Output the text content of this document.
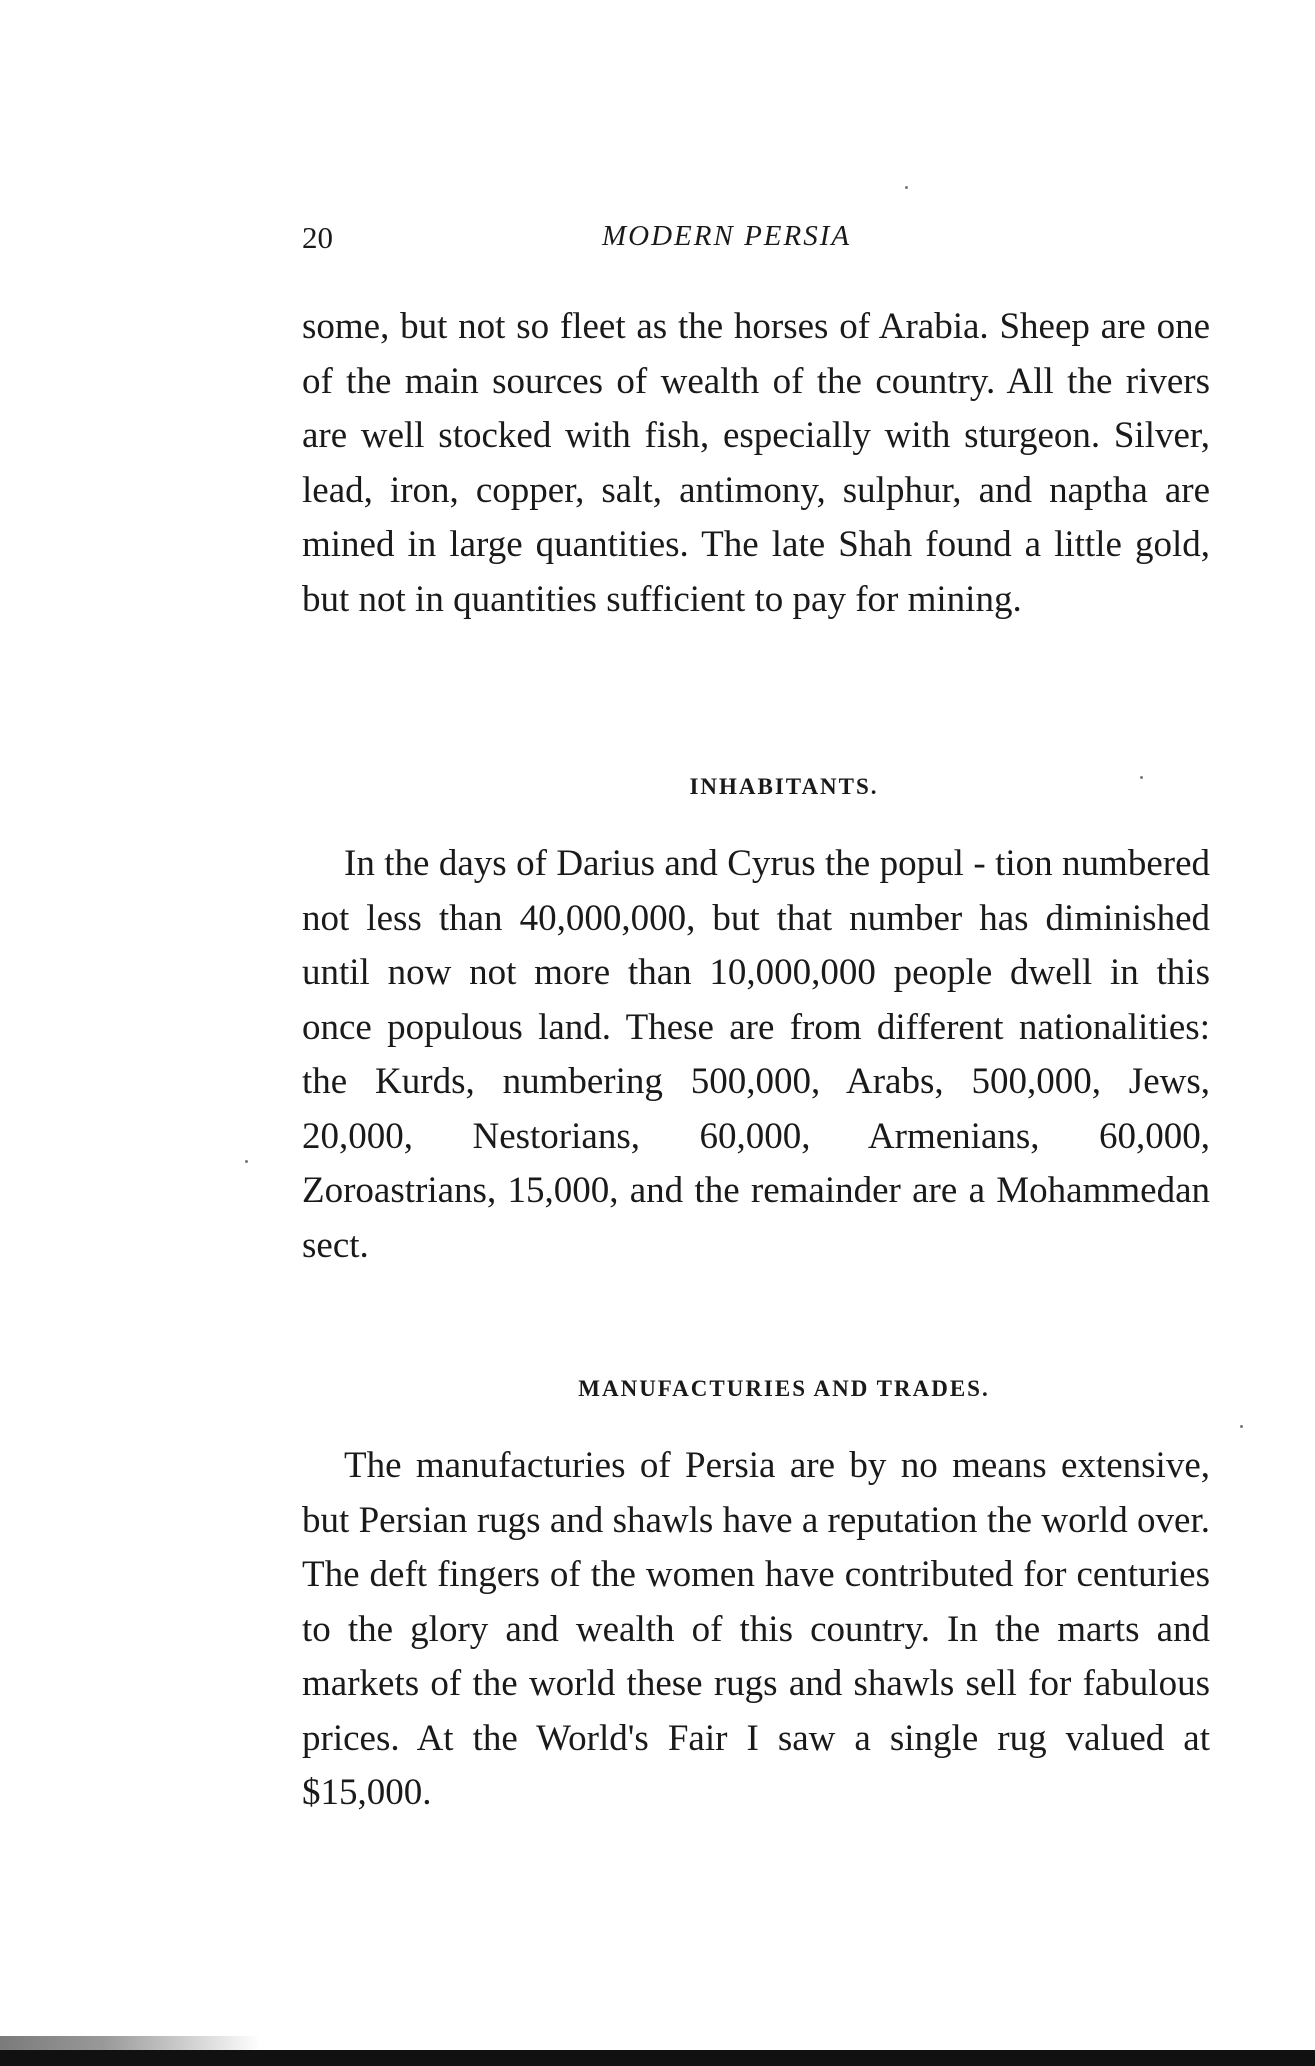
20	MODERN PERSIA

some, but not so fleet as the horses of Arabia. Sheep are one of the main sources of wealth of the country. All the rivers are well stocked with fish, especially with sturgeon. Silver, lead, iron, copper, salt, antimony, sulphur, and naptha are mined in large quantities. The late Shah found a little gold, but not in quantities sufficient to pay for mining.

INHABITANTS.

In the days of Darius and Cyrus the popul - tion numbered not less than 40,000,000, but that number has diminished until now not more than 10,000,000 people dwell in this once populous land. These are from different nationalities: the Kurds, numbering 500,000, Arabs, 500,000, Jews, 20,000, Nestorians, 60,000, Armenians, 60,000, Zoroastrians, 15,000, and the remainder are a Mohammedan sect.

MANUFACTURIES AND TRADES.

The manufacturies of Persia are by no means extensive, but Persian rugs and shawls have a reputation the world over. The deft fingers of the women have contributed for centuries to the glory and wealth of this country. In the marts and markets of the world these rugs and shawls sell for fabulous prices. At the World's Fair I saw a single rug valued at $15,000.
